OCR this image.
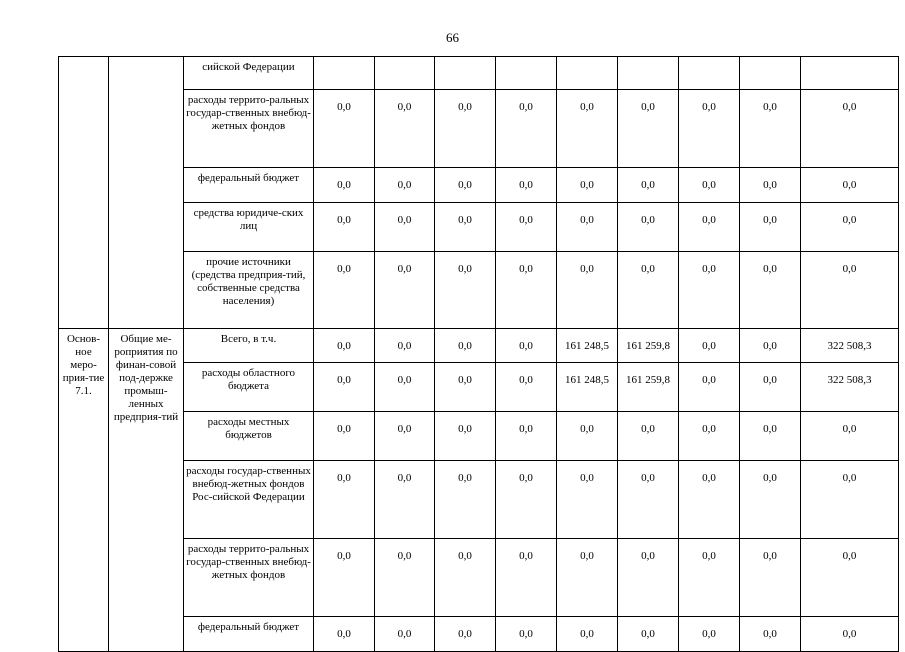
66
		сийской Федерации									
		расходы террито-ральных государ-ственных внебюд-жетных фондов	0,0	0,0	0,0	0,0	0,0	0,0	0,0	0,0	0,0
		федеральный бюджет	0,0	0,0	0,0	0,0	0,0	0,0	0,0	0,0	0,0
		средства юридиче-ских лиц	0,0	0,0	0,0	0,0	0,0	0,0	0,0	0,0	0,0
		прочие источники (средства предприя-тий, собственные средства населения)	0,0	0,0	0,0	0,0	0,0	0,0	0,0	0,0	0,0
Основ-ное меро-прия-тие 7.1.	Общие ме-роприятия по финан-совой под-держке промыш-ленных предприя-тий	Всего, в т.ч.	0,0	0,0	0,0	0,0	161 248,5	161 259,8	0,0	0,0	322 508,3
		расходы областного бюджета	0,0	0,0	0,0	0,0	161 248,5	161 259,8	0,0	0,0	322 508,3
		расходы местных бюджетов	0,0	0,0	0,0	0,0	0,0	0,0	0,0	0,0	0,0
		расходы государ-ственных внебюд-жетных фондов Рос-сийской Федерации	0,0	0,0	0,0	0,0	0,0	0,0	0,0	0,0	0,0
		расходы террито-ральных государ-ственных внебюд-жетных фондов	0,0	0,0	0,0	0,0	0,0	0,0	0,0	0,0	0,0
		федеральный бюджет	0,0	0,0	0,0	0,0	0,0	0,0	0,0	0,0	0,0
